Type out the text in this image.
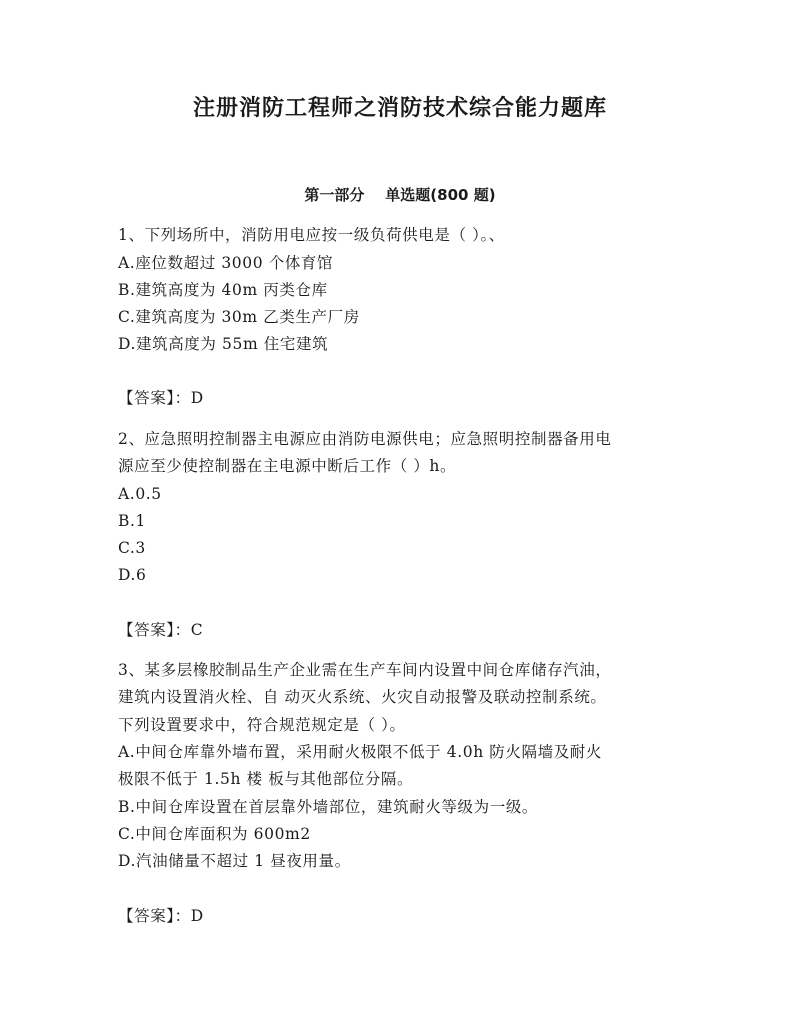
注册消防工程师之消防技术综合能力题库
第一部分    单选题(800 题)
1、下列场所中，消防用电应按一级负荷供电是（ ）。、
A.座位数超过 3000 个体育馆
B.建筑高度为 40m 丙类仓库
C.建筑高度为 30m 乙类生产厂房
D.建筑高度为 55m 住宅建筑
【答案】：D
2、应急照明控制器主电源应由消防电源供电；应急照明控制器备用电
源应至少使控制器在主电源中断后工作（ ）h。
A.0.5
B.1
C.3
D.6
【答案】：C
3、某多层橡胶制品生产企业需在生产车间内设置中间仓库储存汽油，
建筑内设置消火栓、自 动灭火系统、火灾自动报警及联动控制系统。
下列设置要求中，符合规范规定是（ ）。
A.中间仓库靠外墙布置，采用耐火极限不低于 4.0h 防火隔墙及耐火
极限不低于 1.5h 楼 板与其他部位分隔。
B.中间仓库设置在首层靠外墙部位，建筑耐火等级为一级。
C.中间仓库面积为 600m2
D.汽油储量不超过 1 昼夜用量。
【答案】：D
